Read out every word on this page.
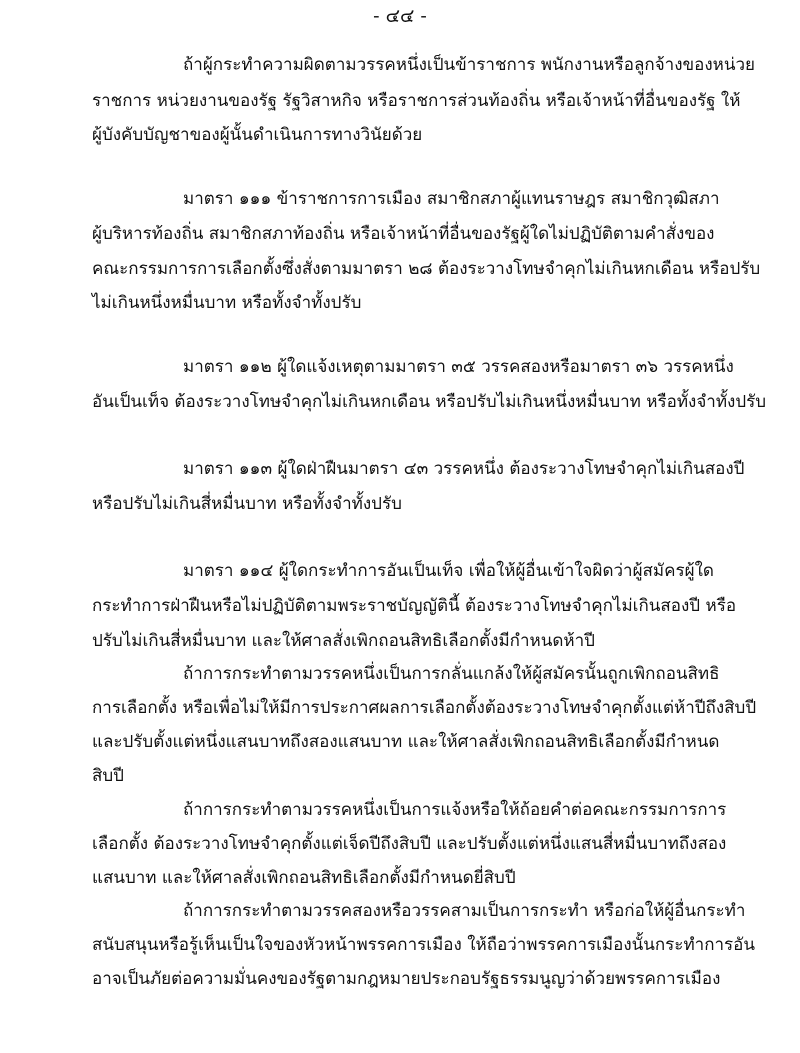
- ๔๔ -
ถ้าผู้กระทำความผิดตามวรรคหนึ่งเป็นข้าราชการ พนักงานหรือลูกจ้างของหน่วย
ราชการ หน่วยงานของรัฐ รัฐวิสาหกิจ หรือราชการส่วนท้องถิ่น หรือเจ้าหน้าที่อื่นของรัฐ ให้
ผู้บังคับบัญชาของผู้นั้นดำเนินการทางวินัยด้วย
มาตรา ๑๑๑ ข้าราชการการเมือง สมาชิกสภาผู้แทนราษฎร สมาชิกวุฒิสภา
ผู้บริหารท้องถิ่น สมาชิกสภาท้องถิ่น หรือเจ้าหน้าที่อื่นของรัฐผู้ใดไม่ปฏิบัติตามคำสั่งของ
คณะกรรมการการเลือกตั้งซึ่งสั่งตามมาตรา ๒๘ ต้องระวางโทษจำคุกไม่เกินหกเดือน หรือปรับ
ไม่เกินหนึ่งหมื่นบาท หรือทั้งจำทั้งปรับ
มาตรา ๑๑๒ ผู้ใดแจ้งเหตุตามมาตรา ๓๕ วรรคสองหรือมาตรา ๓๖ วรรคหนึ่ง
อันเป็นเท็จ ต้องระวางโทษจำคุกไม่เกินหกเดือน หรือปรับไม่เกินหนึ่งหมื่นบาท หรือทั้งจำทั้งปรับ
มาตรา ๑๑๓ ผู้ใดฝ่าฝืนมาตรา ๔๓ วรรคหนึ่ง ต้องระวางโทษจำคุกไม่เกินสองปี
หรือปรับไม่เกินสี่หมื่นบาท หรือทั้งจำทั้งปรับ
มาตรา ๑๑๔ ผู้ใดกระทำการอันเป็นเท็จ เพื่อให้ผู้อื่นเข้าใจผิดว่าผู้สมัครผู้ใด
กระทำการฝ่าฝืนหรือไม่ปฏิบัติตามพระราชบัญญัตินี้ ต้องระวางโทษจำคุกไม่เกินสองปี หรือ
ปรับไม่เกินสี่หมื่นบาท และให้ศาลสั่งเพิกถอนสิทธิเลือกตั้งมีกำหนดห้าปี
ถ้าการกระทำตามวรรคหนึ่งเป็นการกลั่นแกล้งให้ผู้สมัครนั้นถูกเพิกถอนสิทธิ
การเลือกตั้ง หรือเพื่อไม่ให้มีการประกาศผลการเลือกตั้งต้องระวางโทษจำคุกตั้งแต่ห้าปีถึงสิบปี
และปรับตั้งแต่หนึ่งแสนบาทถึงสองแสนบาท และให้ศาลสั่งเพิกถอนสิทธิเลือกตั้งมีกำหนด
สิบปี
ถ้าการกระทำตามวรรคหนึ่งเป็นการแจ้งหรือให้ถ้อยคำต่อคณะกรรมการการ
เลือกตั้ง ต้องระวางโทษจำคุกตั้งแต่เจ็ดปีถึงสิบปี และปรับตั้งแต่หนึ่งแสนสี่หมื่นบาทถึงสอง
แสนบาท และให้ศาลสั่งเพิกถอนสิทธิเลือกตั้งมีกำหนดยี่สิบปี
ถ้าการกระทำตามวรรคสองหรือวรรคสามเป็นการกระทำ หรือก่อให้ผู้อื่นกระทำ
สนับสนุนหรือรู้เห็นเป็นใจของหัวหน้าพรรคการเมือง ให้ถือว่าพรรคการเมืองนั้นกระทำการอัน
อาจเป็นภัยต่อความมั่นคงของรัฐตามกฎหมายประกอบรัฐธรรมนูญว่าด้วยพรรคการเมือง
